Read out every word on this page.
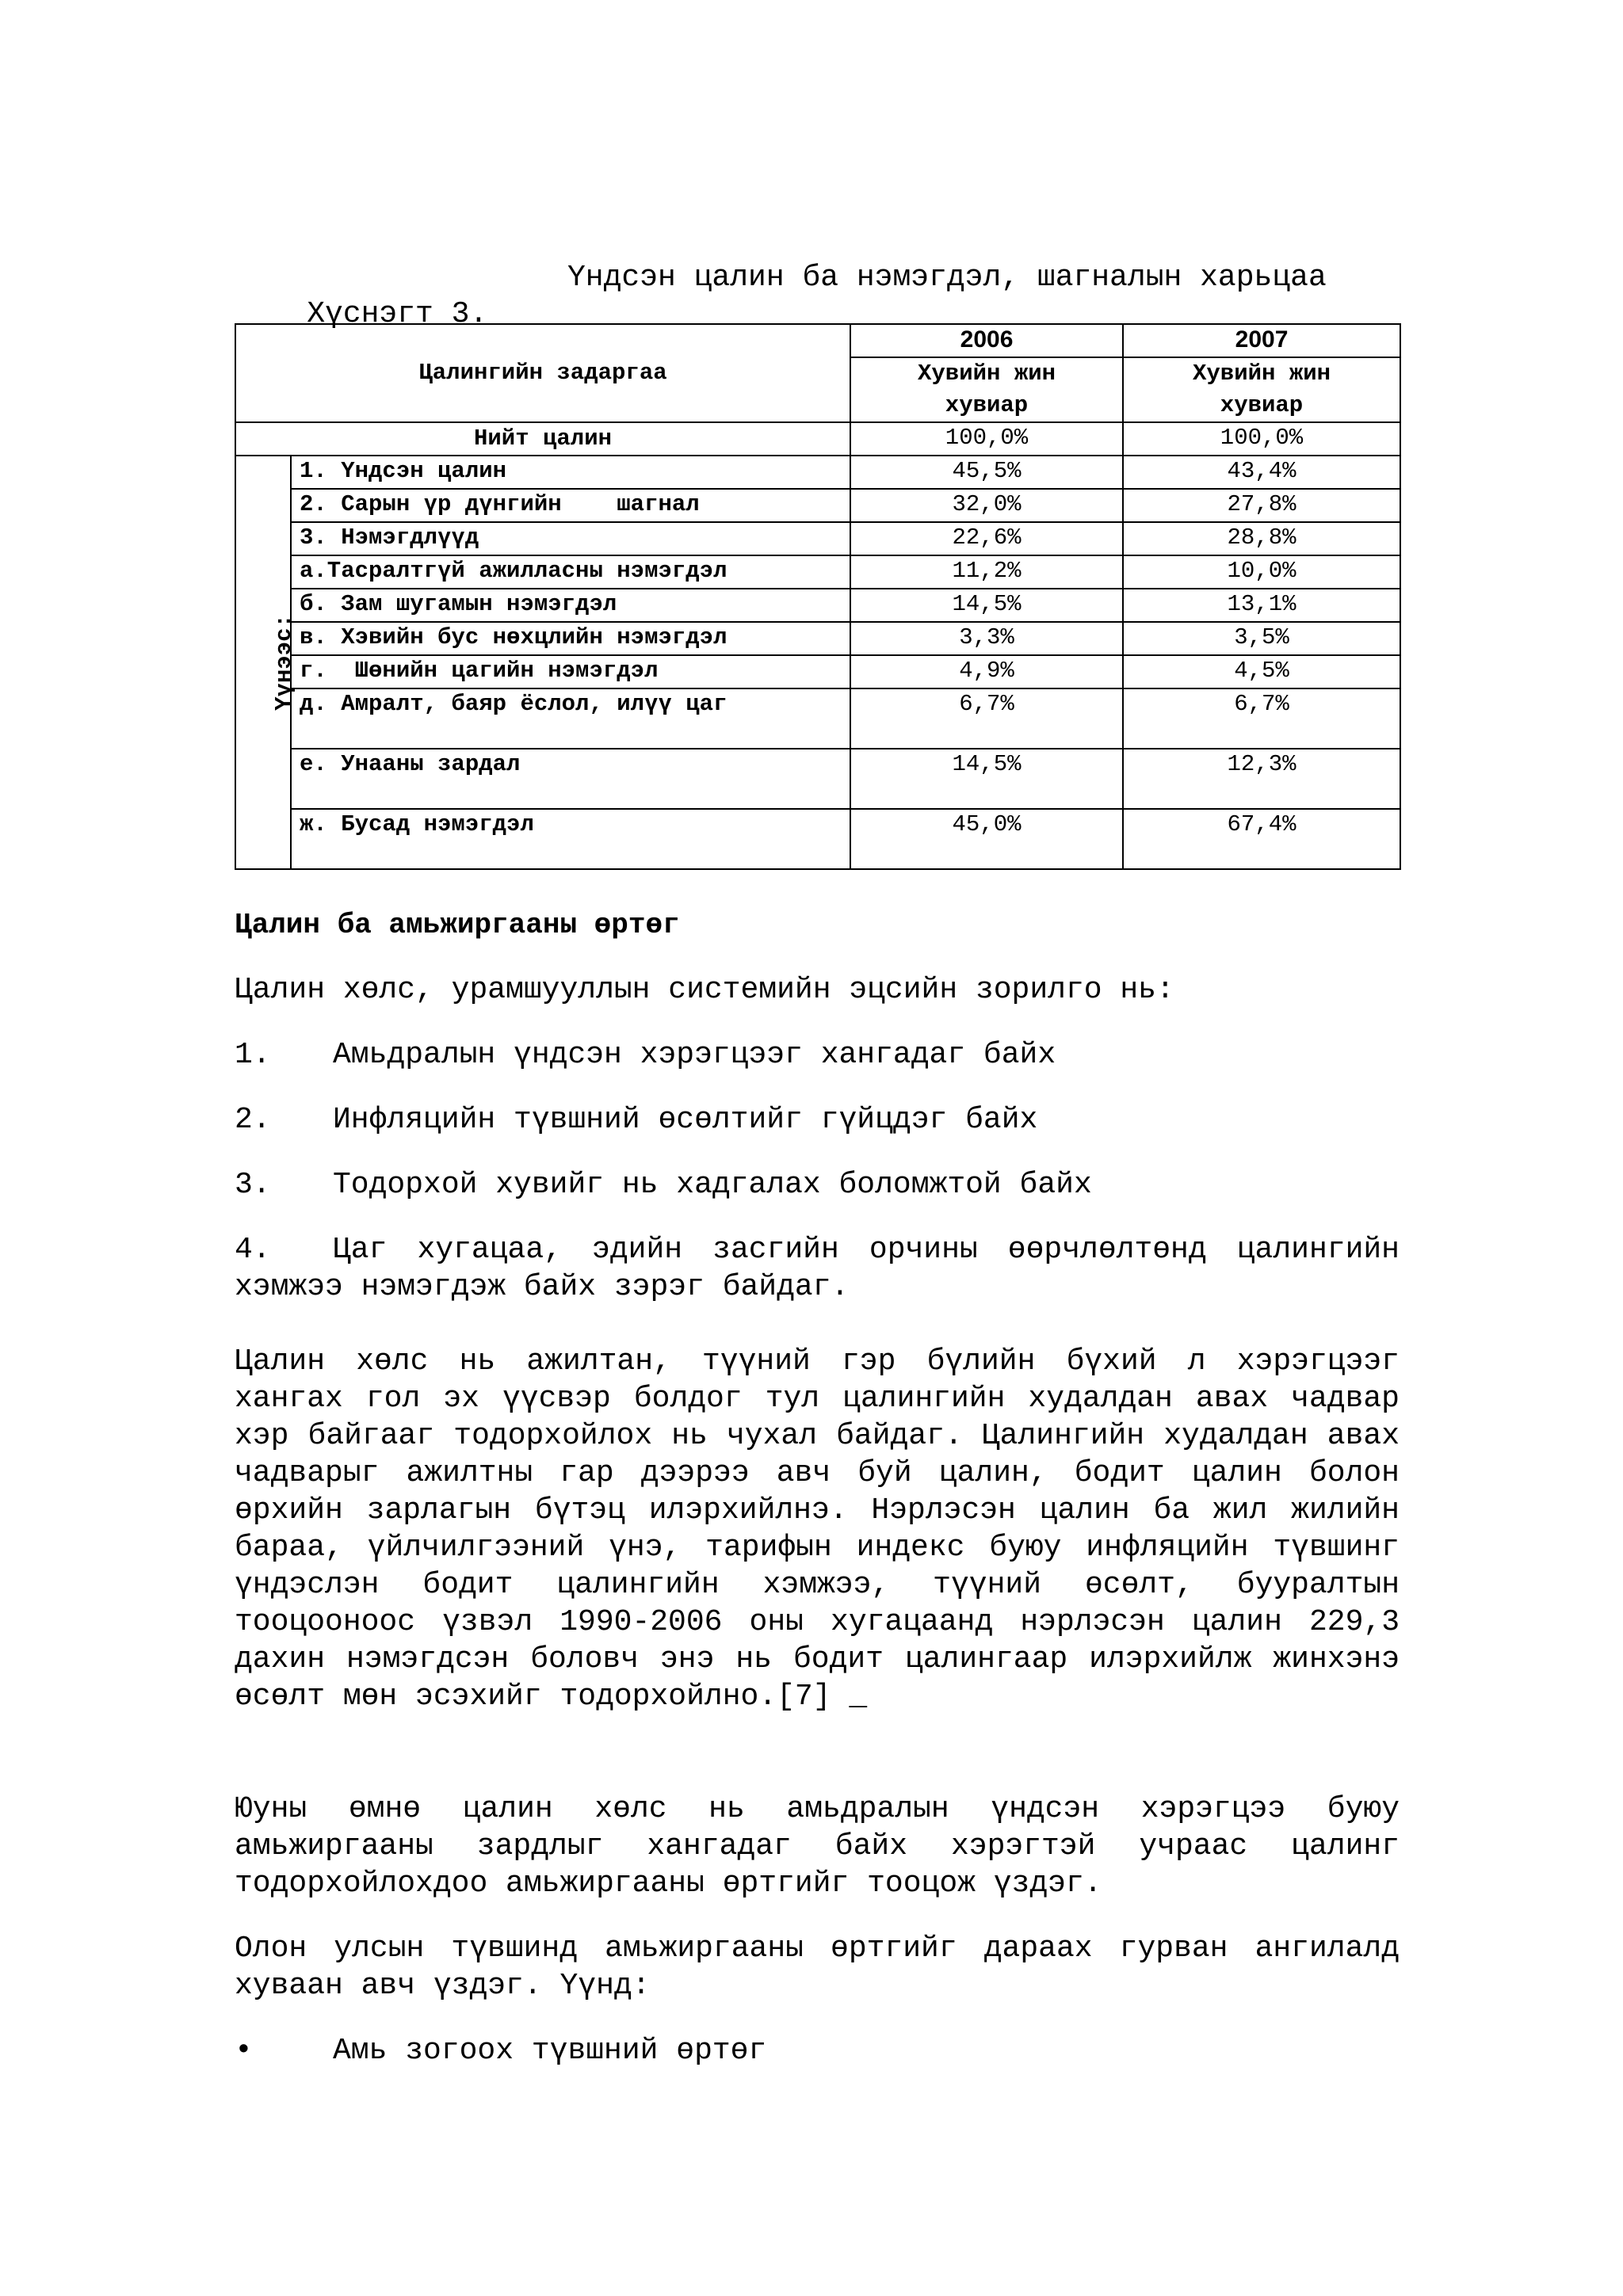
Хүснэгт 3.

Үндсэн цалин ба нэмэгдэл, шагналын харьцаа

Цалингийн задаргаа		2006	2007
		Хувийн жин	Хувийн жин
		хувиар	хувиар
Нийт цалин		100,0%	100,0%
Үүнээс:	1. Үндсэн цалин	45,5%	43,4%
	2. Сарын үр дүнгийн    шагнал	32,0%	27,8%
	3. Нэмэгдлүүд	22,6%	28,8%
	а.Тасралтгүй ажилласны нэмэгдэл	11,2%	10,0%
	б. Зам шугамын нэмэгдэл	14,5%	13,1%
	в. Хэвийн бус нөхцлийн нэмэгдэл	3,3%	3,5%
	г.  Шөнийн цагийн нэмэгдэл	4,9%	4,5%
	д. Амралт, баяр ёслол, илүү цаг	6,7%	6,7%
	е. Унааны зардал	14,5%	12,3%
	ж. Бусад нэмэгдэл	45,0%	67,4%
Цалин ба амьжиргааны өртөг

Цалин хөлс, урамшууллын системийн эцсийн зорилго нь:

1. Амьдралын үндсэн хэрэгцээг хангадаг байх
2. Инфляцийн түвшний өсөлтийг гүйцдэг байх
3. Тодорхой хувийг нь хадгалах боломжтой байх

4. Цаг хугацаа, эдийн засгийн орчины өөрчлөлтөнд цалингийн хэмжээ нэмэгдэж байх зэрэг байдаг.

Цалин хөлс нь ажилтан, түүний гэр бүлийн бүхий л хэрэгцээг хангах гол эх үүсвэр болдог тул цалингийн худалдан авах чадвар хэр байгааг тодорхойлох нь чухал байдаг. Цалингийн худалдан авах чадварыг ажилтны гар дээрээ авч буй цалин, бодит цалин болон өрхийн зарлагын бүтэц илэрхийлнэ. Нэрлэсэн цалин ба жил жилийн бараа, үйлчилгээний үнэ, тарифын индекс буюу инфляцийн түвшинг үндэслэн бодит цалингийн хэмжээ, түүний өсөлт, бууралтын тооцооноос үзвэл 1990-2006 оны хугацаанд нэрлэсэн цалин 229,3 дахин нэмэгдсэн боловч энэ нь бодит цалингаар илэрхийлж жинхэнэ өсөлт мөн эсэхийг тодорхойлно.[7] _

Юуны өмнө цалин хөлс нь амьдралын үндсэн хэрэгцээ буюу амьжиргааны зардлыг хангадаг байх хэрэгтэй учраас цалинг тодорхойлохдоо амьжиргааны өртгийг тооцож үздэг.

Олон улсын түвшинд амьжиргааны өртгийг дараах гурван ангилалд хуваан авч үздэг. Үүнд:

•	Амь зогоох түвшний өртөг
